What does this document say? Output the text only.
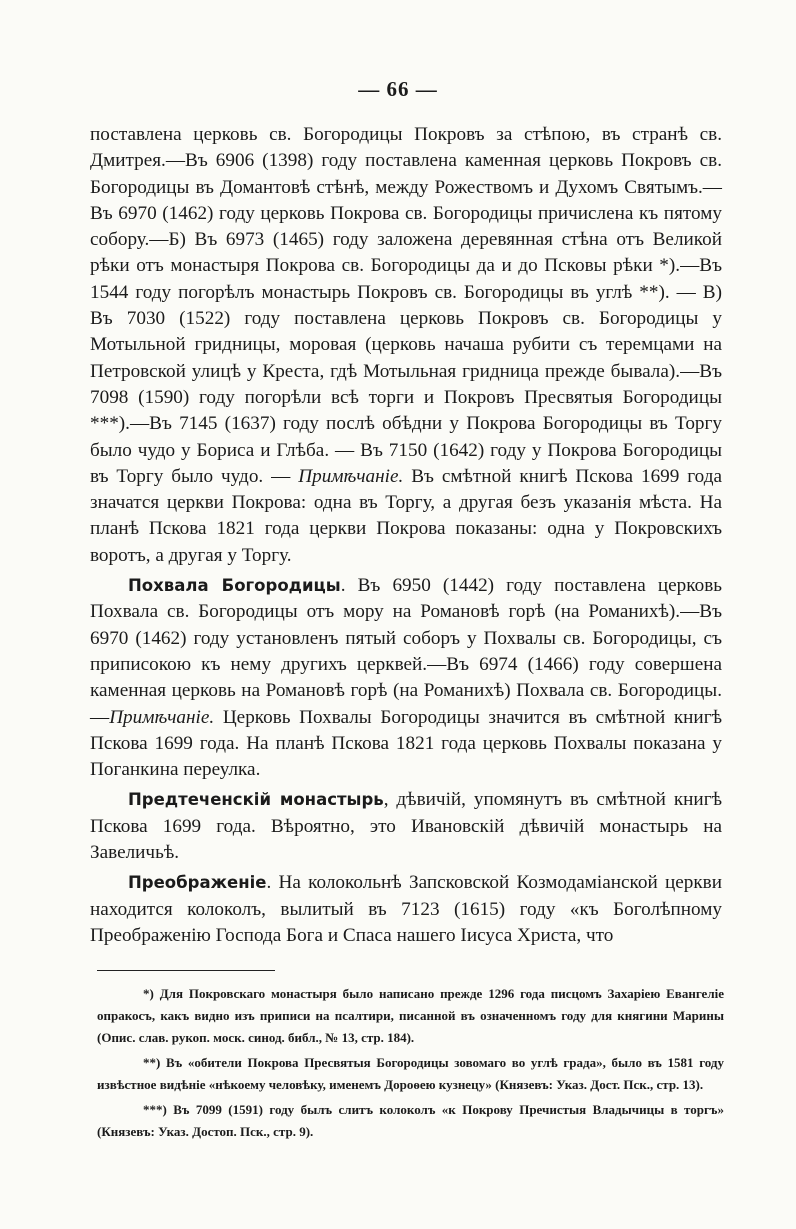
— 66 —

поставлена церковь св. Богородицы Покровъ за стѣпою, въ странѣ св. Дмитрея.—Въ 6906 (1398) году поставлена каменная церковь Покровъ св. Богородицы въ Домантовѣ стѣнѣ, между Рожествомъ и Духомъ Святымъ.—Въ 6970 (1462) году церковь Покрова св. Богородицы причислена къ пятому собору.—Б) Въ 6973 (1465) году заложена деревянная стѣна отъ Великой рѣки отъ монастыря Покрова св. Богородицы да и до Псковы рѣки *).—Въ 1544 году погорѣлъ монастырь Покровъ св. Богородицы въ углѣ **). — В) Въ 7030 (1522) году поставлена церковь Покровъ св. Богородицы у Мотыльной гридницы, моровая (церковь начаша рубити съ теремцами на Петровской улицѣ у Креста, гдѣ Мотыльная гридница прежде бывала).—Въ 7098 (1590) году погорѣли всѣ торги и Покровъ Пресвятыя Богородицы ***).—Въ 7145 (1637) году послѣ обѣдни у Покрова Богородицы въ Торгу было чудо у Бориса и Глѣба. — Въ 7150 (1642) году у Покрова Богородицы въ Торгу было чудо. — Примѣчаніе. Въ смѣтной книгѣ Пскова 1699 года значатся церкви Покрова: одна въ Торгу, а другая безъ указанія мѣста. На планѣ Пскова 1821 года церкви Покрова показаны: одна у Покровскихъ воротъ, а другая у Торгу.

Похвала Богородицы. Въ 6950 (1442) году поставлена церковь Похвала св. Богородицы отъ мору на Романовѣ горѣ (на Романихѣ).—Въ 6970 (1462) году установленъ пятый соборъ у Похвалы св. Богородицы, съ приписокою къ нему другихъ церквей.—Въ 6974 (1466) году совершена каменная церковь на Романовѣ горѣ (на Романихѣ) Похвала св. Богородицы.—Примѣчаніе. Церковь Похвалы Богородицы значится въ смѣтной книгѣ Пскова 1699 года. На планѣ Пскова 1821 года церковь Похвалы показана у Поганкина переулка.

Предтеченскій монастырь, дѣвичій, упомянутъ въ смѣтной книгѣ Пскова 1699 года. Вѣроятно, это Ивановскій дѣвичій монастырь на Завеличьѣ.

Преображеніе. На колокольнѣ Запсковской Козмодаміанской церкви находится колоколъ, вылитый въ 7123 (1615) году «къ Боголѣпному Преображенію Господа Бога и Спаса нашего Іисуса Христа, что

*) Для Покровскаго монастыря было написано прежде 1296 года писцомъ Захаріею Евангеліе опракосъ, какъ видно изъ приписи на псалтири, писанной въ означенномъ году для княгини Марины (Опис. слав. рукоп. моск. синод. библ., № 13, стр. 184).

**) Въ «обители Покрова Пресвятыя Богородицы зовомаго во углѣ града», было въ 1581 году извѣстное видѣніе «нѣкоему человѣку, именемъ Дороѳею кузнецу» (Князевъ: Указ. Дост. Пск., стр. 13).

***) Въ 7099 (1591) году былъ слитъ колоколъ «к Покрову Пречистыя Владычицы в торгъ» (Князевъ: Указ. Достоп. Пск., стр. 9).
